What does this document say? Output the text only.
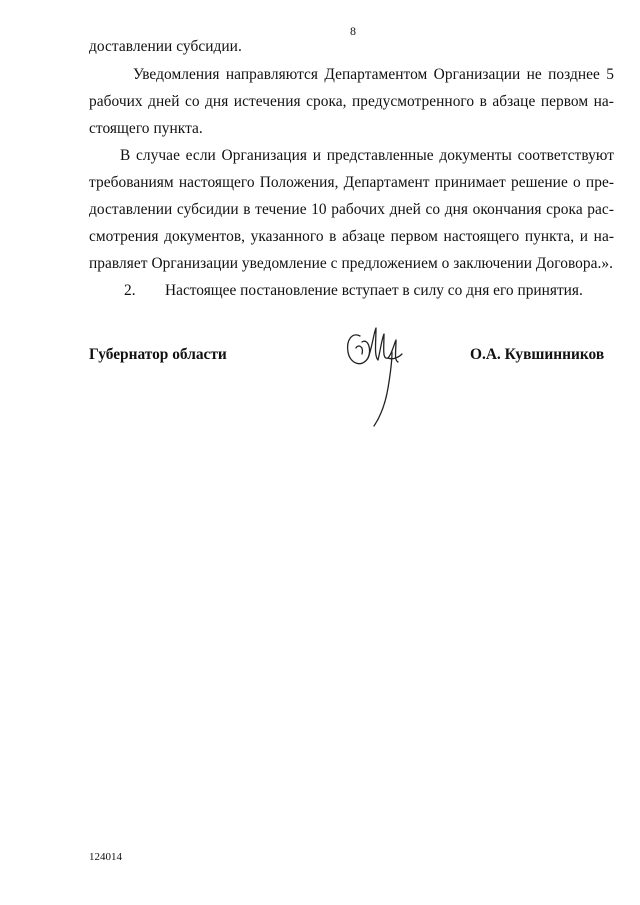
8
доставлении субсидии.
Уведомления направляются Департаментом Организации не позднее 5
рабочих дней со дня истечения срока, предусмотренного в абзаце первом на-
стоящего пункта.
В случае если Организация и представленные документы соответствуют
требованиям настоящего Положения, Департамент принимает решение о пре-
доставлении субсидии в течение 10 рабочих дней со дня окончания срока рас-
смотрения документов, указанного в абзаце первом настоящего пункта, и на-
правляет Организации уведомление с предложением о заключении Договора.».
2. Настоящее постановление вступает в силу со дня его принятия.
Губернатор области	О.А. Кувшинников
124014
